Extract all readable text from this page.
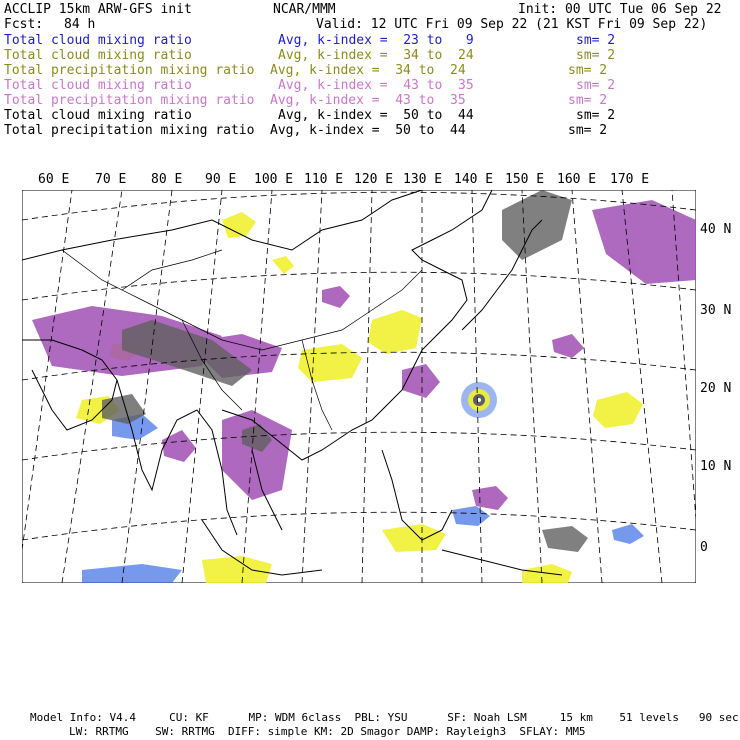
ACCLIP 15km ARW-GFS init	NCAR/MMM	Init: 00 UTC Tue 06 Sep 22
Fcst: 84 h	Valid: 12 UTC Fri 09 Sep 22 (21 KST Fri 09 Sep 22)
Total cloud mixing ratio	Avg, k-index =  23 to   9	sm= 2
Total cloud mixing ratio	Avg, k-index =  34 to  24	sm= 2
Total precipitation mixing ratio Avg, k-index =  34 to  24	sm= 2
Total cloud mixing ratio	Avg, k-index =  43 to  35	sm= 2
Total precipitation mixing ratio Avg, k-index =  43 to  35	sm= 2
Total cloud mixing ratio	Avg, k-index =  50 to  44	sm= 2
Total precipitation mixing ratio Avg, k-index =  50 to  44	sm= 2
60 E 70 E 80 E 90 E 100 E 110 E 120 E 130 E 140 E 150 E 160 E 170 E
40 N
30 N
20 N
10 N
0
Model Info: V4.4     CU: KF      MP: WDM 6class  PBL: YSU      SF: Noah LSM     15 km    51 levels   90 sec
LW: RRTMG    SW: RRTMG  DIFF: simple KM: 2D Smagor DAMP: Rayleigh3  SFLAY: MM5
